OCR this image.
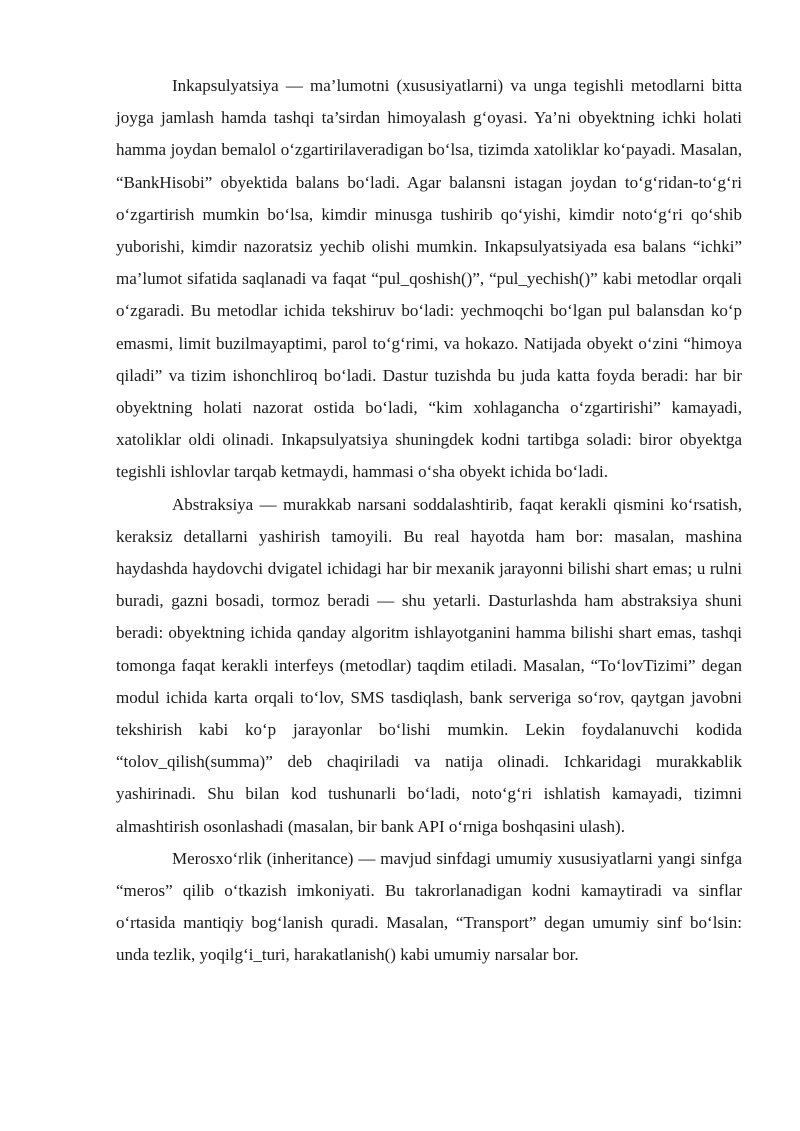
Inkapsulyatsiya — ma’lumotni (xususiyatlarni) va unga tegishli metodlarni bitta joyga jamlash hamda tashqi ta’sirdan himoyalash g‘oyasi. Ya’ni obyektning ichki holati hamma joydan bemalol o‘zgartirilaveradigan bo‘lsa, tizimda xatoliklar ko‘payadi. Masalan, “BankHisobi” obyektida balans bo‘ladi. Agar balansni istagan joydan to‘g‘ridan-to‘g‘ri o‘zgartirish mumkin bo‘lsa, kimdir minusga tushirib qo‘yishi, kimdir noto‘g‘ri qo‘shib yuborishi, kimdir nazoratsiz yechib olishi mumkin. Inkapsulyatsiyada esa balans “ichki” ma’lumot sifatida saqlanadi va faqat “pul_qoshish()”, “pul_yechish()” kabi metodlar orqali o‘zgaradi. Bu metodlar ichida tekshiruv bo‘ladi: yechmoqchi bo‘lgan pul balansdan ko‘p emasmi, limit buzilmayaptimi, parol to‘g‘rimi, va hokazo. Natijada obyekt o‘zini “himoya qiladi” va tizim ishonchliroq bo‘ladi. Dastur tuzishda bu juda katta foyda beradi: har bir obyektning holati nazorat ostida bo‘ladi, “kim xohlagancha o‘zgartirishi” kamayadi, xatoliklar oldi olinadi. Inkapsulyatsiya shuningdek kodni tartibga soladi: biror obyektga tegishli ishlovlar tarqab ketmaydi, hammasi o‘sha obyekt ichida bo‘ladi.

Abstraksiya — murakkab narsani soddalashtirib, faqat kerakli qismini ko‘rsatish, keraksiz detallarni yashirish tamoyili. Bu real hayotda ham bor: masalan, mashina haydashda haydovchi dvigatel ichidagi har bir mexanik jarayonni bilishi shart emas; u rulni buradi, gazni bosadi, tormoz beradi — shu yetarli. Dasturlashda ham abstraksiya shuni beradi: obyektning ichida qanday algoritm ishlayotganini hamma bilishi shart emas, tashqi tomonga faqat kerakli interfeys (metodlar) taqdim etiladi. Masalan, “To‘lovTizimi” degan modul ichida karta orqali to‘lov, SMS tasdiqlash, bank serveriga so‘rov, qaytgan javobni tekshirish kabi ko‘p jarayonlar bo‘lishi mumkin. Lekin foydalanuvchi kodida “tolov_qilish(summa)” deb chaqiriladi va natija olinadi. Ichkaridagi murakkablik yashirinadi. Shu bilan kod tushunarli bo‘ladi, noto‘g‘ri ishlatish kamayadi, tizimni almashtirish osonlashadi (masalan, bir bank API o‘rniga boshqasini ulash).

Merosxo‘rlik (inheritance) — mavjud sinfdagi umumiy xususiyatlarni yangi sinfga “meros” qilib o‘tkazish imkoniyati. Bu takrorlanadigan kodni kamaytiradi va sinflar o‘rtasida mantiqiy bog‘lanish quradi. Masalan, “Transport” degan umumiy sinf bo‘lsin: unda tezlik, yoqilg‘i_turi, harakatlanish() kabi umumiy narsalar bor.
